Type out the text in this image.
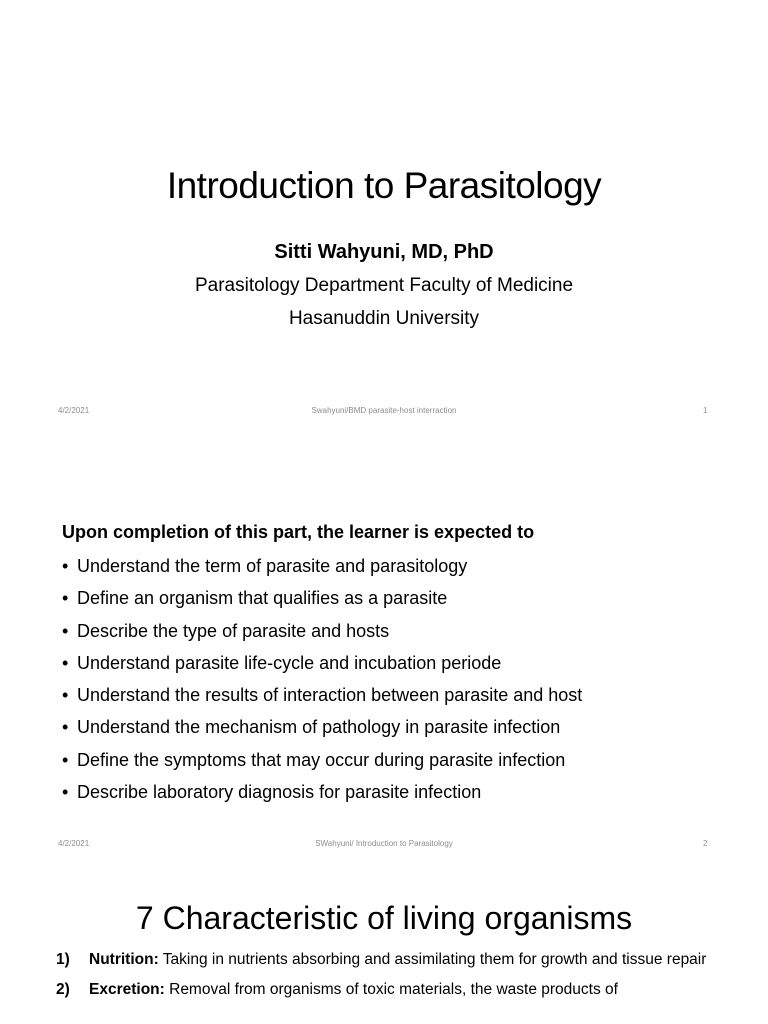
Introduction to Parasitology
Sitti Wahyuni, MD, PhD
Parasitology Department Faculty of Medicine
Hasanuddin University
4/2/2021	Swahyuni/BMD parasite-host interraction	1
Upon completion of this part, the learner is expected to
• Understand the term of parasite and parasitology
• Define an organism that qualifies as a parasite
• Describe the type of parasite and hosts
• Understand parasite life-cycle and incubation periode
• Understand the results of interaction between parasite and host
• Understand the mechanism of pathology in parasite infection
• Define the symptoms that may occur during parasite infection
• Describe laboratory diagnosis for parasite infection
4/2/2021	SWahyuni/ Introduction to Parasitology	2
7 Characteristic of living organisms
1) Nutrition: Taking in nutrients absorbing and assimilating them for growth and tissue repair
2) Excretion: Removal from organisms of toxic materials, the waste products of
